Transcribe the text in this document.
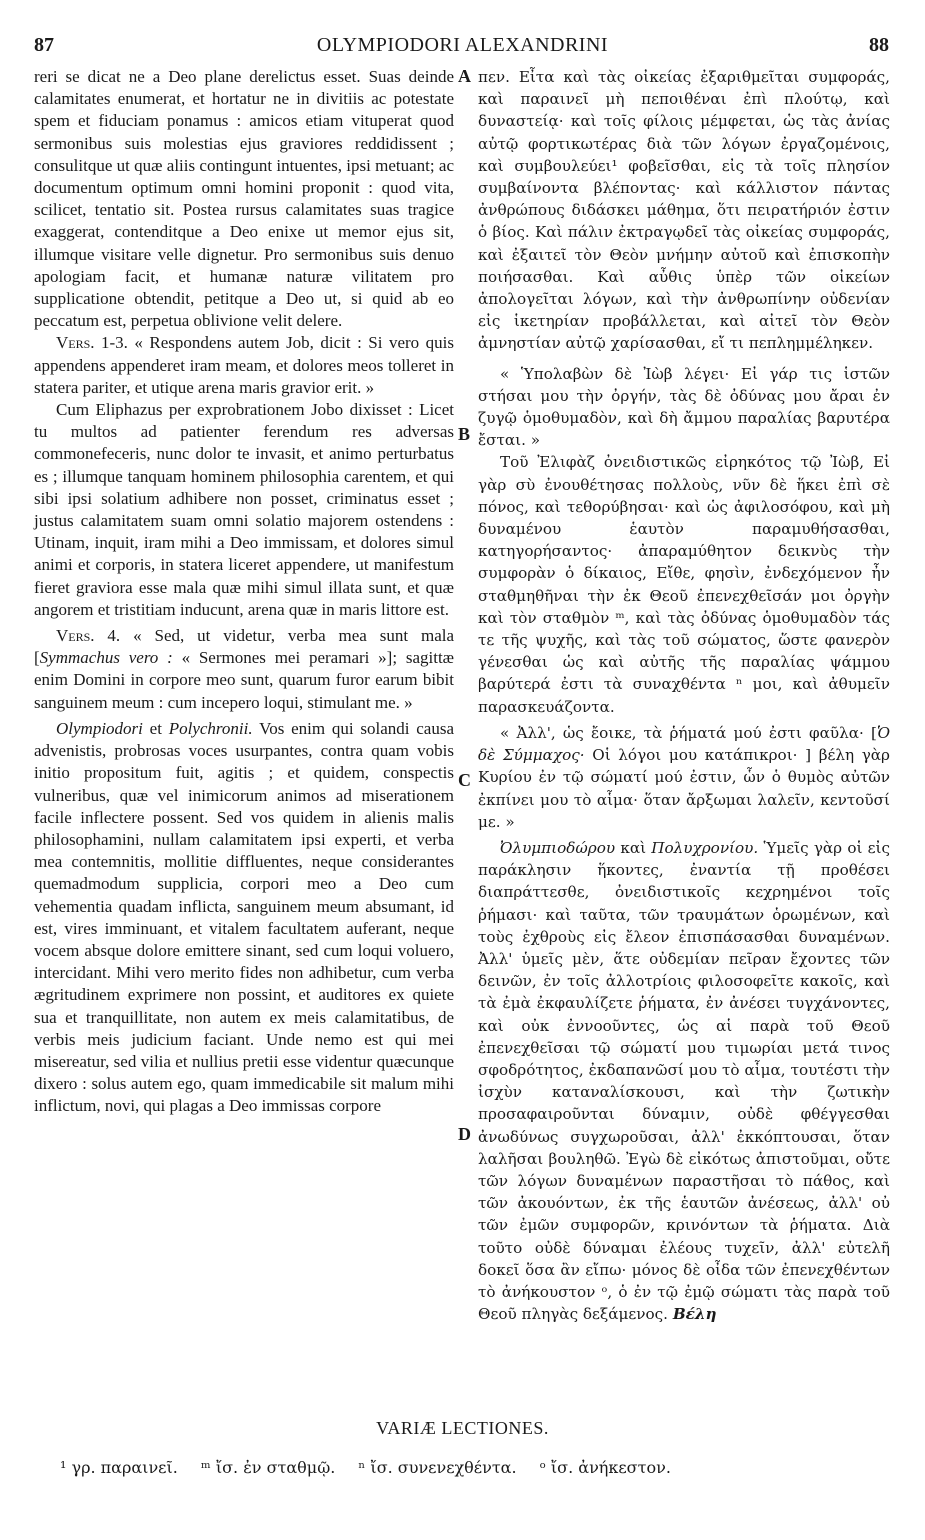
87	OLYMPIODORI ALEXANDRINI	88
A
B
C
D

reri se dicat ne a Deo plane derelictus esset. Suas deinde calamitates enumerat, et hortatur ne in divitiis ac potestate spem et fiduciam ponamus : amicos etiam vituperat quod sermonibus suis molestias ejus graviores reddidissent ; consulitque ut quæ aliis contingunt intuentes, ipsi metuant; ac documentum optimum omni homini proponit : quod vita, scilicet, tentatio sit. Postea rursus calamitates suas tragice exaggerat, contenditque a Deo enixe ut memor ejus sit, illumque visitare velle dignetur. Pro sermonibus suis denuo apologiam facit, et humanæ naturæ vilitatem pro supplicatione obtendit, petitque a Deo ut, si quid ab eo peccatum est, perpetua oblivione velit delere.

Vers. 1-3. « Respondens autem Job, dicit : Si vero quis appendens appenderet iram meam, et dolores meos tolleret in statera pariter, et utique arena maris gravior erit. »

Cum Eliphazus per exprobrationem Jobo dixisset : Licet tu multos ad patienter ferendum res adversas commonefeceris, nunc dolor te invasit, et animo perturbatus es ; illumque tanquam hominem philosophia carentem, et qui sibi ipsi solatium adhibere non posset, criminatus esset ; justus calamitatem suam omni solatio majorem ostendens : Utinam, inquit, iram mihi a Deo immissam, et dolores simul animi et corporis, in statera liceret appendere, ut manifestum fieret graviora esse mala quæ mihi simul illata sunt, et quæ angorem et tristitiam inducunt, arena quæ in maris littore est.

Vers. 4. « Sed, ut videtur, verba mea sunt mala [Symmachus vero : « Sermones mei peramari »]; sagittæ enim Domini in corpore meo sunt, quarum furor earum bibit sanguinem meum : cum incepero loqui, stimulant me. »

Olympiodori et Polychronii. Vos enim qui solandi causa advenistis, probrosas voces usurpantes, contra quam vobis initio propositum fuit, agitis ; et quidem, conspectis vulneribus, quæ vel inimicorum animos ad miserationem facile inflectere possent. Sed vos quidem in alienis malis philosophamini, nullam calamitatem ipsi experti, et verba mea contemnitis, mollitie diffluentes, neque considerantes quemadmodum supplicia, corpori meo a Deo cum vehementia quadam inflicta, sanguinem meum absumant, id est, vires imminuant, et vitalem facultatem auferant, neque vocem absque dolore emittere sinant, sed cum loqui voluero, intercidant. Mihi vero merito fides non adhibetur, cum verba ægritudinem exprimere non possint, et auditores ex quiete sua et tranquillitate, non autem ex meis calamitatibus, de verbis meis judicium faciant. Unde nemo est qui mei misereatur, sed vilia et nullius pretii esse videntur quæcunque dixero : solus autem ego, quam immedicabile sit malum mihi inflictum, novi, qui plagas a Deo immissas corpore

πεν. Εἶτα καὶ τὰς οἰκείας ἐξαριθμεῖται συμφοράς, καὶ παραινεῖ μὴ πεποιθέναι ἐπὶ πλούτῳ, καὶ δυναστείᾳ· καὶ τοῖς φίλοις μέμφεται, ὡς τὰς ἀνίας αὐτῷ φορτικωτέρας διὰ τῶν λόγων ἐργαζομένοις, καὶ συμβουλεύει¹ φοβεῖσθαι, εἰς τὰ τοῖς πλησίον συμβαίνοντα βλέποντας· καὶ κάλλιστον πάντας ἀνθρώπους διδάσκει μάθημα, ὅτι πειρατήριόν ἐστιν ὁ βίος. Καὶ πάλιν ἐκτραγῳδεῖ τὰς οἰκείας συμφοράς, καὶ ἐξαιτεῖ τὸν Θεὸν μνήμην αὐτοῦ καὶ ἐπισκοπὴν ποιήσασθαι. Καὶ αὖθις ὑπὲρ τῶν οἰκείων ἀπολογεῖται λόγων, καὶ τὴν ἀνθρωπίνην οὐδενίαν εἰς ἱκετηρίαν προβάλλεται, καὶ αἰτεῖ τὸν Θεὸν ἀμνηστίαν αὐτῷ χαρίσασθαι, εἴ τι πεπλημμέληκεν.

« Ὑπολαβὼν δὲ Ἰὼβ λέγει· Εἰ γάρ τις ἱστῶν στήσαι μου τὴν ὀργήν, τὰς δὲ ὀδύνας μου ἄραι ἐν ζυγῷ ὁμοθυμαδὸν, καὶ δὴ ἄμμου παραλίας βαρυτέρα ἔσται. »

Τοῦ Ἐλιφὰζ ὀνειδιστικῶς εἰρηκότος τῷ Ἰὼβ, Εἰ γὰρ σὺ ἐνουθέτησας πολλοὺς, νῦν δὲ ἥκει ἐπὶ σὲ πόνος, καὶ τεθορύβησαι· καὶ ὡς ἀφιλοσόφου, καὶ μὴ δυναμένου ἑαυτὸν παραμυθήσασθαι, κατηγορήσαντος· ἀπαραμύθητον δεικνὺς τὴν συμφορὰν ὁ δίκαιος, Εἴθε, φησὶν, ἐνδεχόμενον ἦν σταθμηθῆναι τὴν ἐκ Θεοῦ ἐπενεχθεῖσάν μοι ὀργὴν καὶ τὸν σταθμὸν ᵐ, καὶ τὰς ὀδύνας ὁμοθυμαδὸν τάς τε τῆς ψυχῆς, καὶ τὰς τοῦ σώματος, ὥστε φανερὸν γένεσθαι ὡς καὶ αὐτῆς τῆς παραλίας ψάμμου βαρύτερά ἐστι τὰ συναχθέντα ⁿ μοι, καὶ ἀθυμεῖν παρασκευάζοντα.

« Ἀλλ', ὡς ἔοικε, τὰ ῥήματά μού ἐστι φαῦλα· [Ὁ δὲ Σύμμαχος· Οἱ λόγοι μου κατάπικροι· ] βέλη γὰρ Κυρίου ἐν τῷ σώματί μού ἐστιν, ὧν ὁ θυμὸς αὐτῶν ἐκπίνει μου τὸ αἷμα· ὅταν ἄρξωμαι λαλεῖν, κεντοῦσί με. »

Ὀλυμπιοδώρου καὶ Πολυχρονίου. Ὑμεῖς γὰρ οἱ εἰς παράκλησιν ἥκοντες, ἐναντία τῇ προθέσει διαπράττεσθε, ὀνειδιστικοῖς κεχρημένοι τοῖς ῥήμασι· καὶ ταῦτα, τῶν τραυμάτων ὁρωμένων, καὶ τοὺς ἐχθροὺς εἰς ἔλεον ἐπισπάσασθαι δυναμένων. Ἀλλ' ὑμεῖς μὲν, ἅτε οὐδεμίαν πεῖραν ἔχοντες τῶν δεινῶν, ἐν τοῖς ἀλλοτρίοις φιλοσοφεῖτε κακοῖς, καὶ τὰ ἐμὰ ἐκφαυλίζετε ῥήματα, ἐν ἀνέσει τυγχάνοντες, καὶ οὐκ ἐννοοῦντες, ὡς αἱ παρὰ τοῦ Θεοῦ ἐπενεχθεῖσαι τῷ σώματί μου τιμωρίαι μετά τινος σφοδρότητος, ἐκδαπανῶσί μου τὸ αἷμα, τουτέστι τὴν ἰσχὺν καταναλίσκουσι, καὶ τὴν ζωτικὴν προσαφαιροῦνται δύναμιν, οὐδὲ φθέγγεσθαι ἀνωδύνως συγχωροῦσαι, ἀλλ' ἐκκόπτουσαι, ὅταν λαλῆσαι βουληθῶ. Ἐγὼ δὲ εἰκότως ἀπιστοῦμαι, οὔτε τῶν λόγων δυναμένων παραστῆσαι τὸ πάθος, καὶ τῶν ἀκουόντων, ἐκ τῆς ἑαυτῶν ἀνέσεως, ἀλλ' οὐ τῶν ἐμῶν συμφορῶν, κρινόντων τὰ ῥήματα. Διὰ τοῦτο οὐδὲ δύναμαι ἐλέους τυχεῖν, ἀλλ' εὐτελῆ δοκεῖ ὅσα ἂν εἴπω· μόνος δὲ οἶδα τῶν ἐπενεχθέντων τὸ ἀνήκουστον ᵒ, ὁ ἐν τῷ ἐμῷ σώματι τὰς παρὰ τοῦ Θεοῦ πληγὰς δεξάμενος. Βέλη

VARIÆ LECTIONES.
¹ γρ. παραινεῖ. ᵐ ἴσ. ἐν σταθμῷ. ⁿ ἴσ. συνενεχθέντα. ᵒ ἴσ. ἀνήκεστον.
